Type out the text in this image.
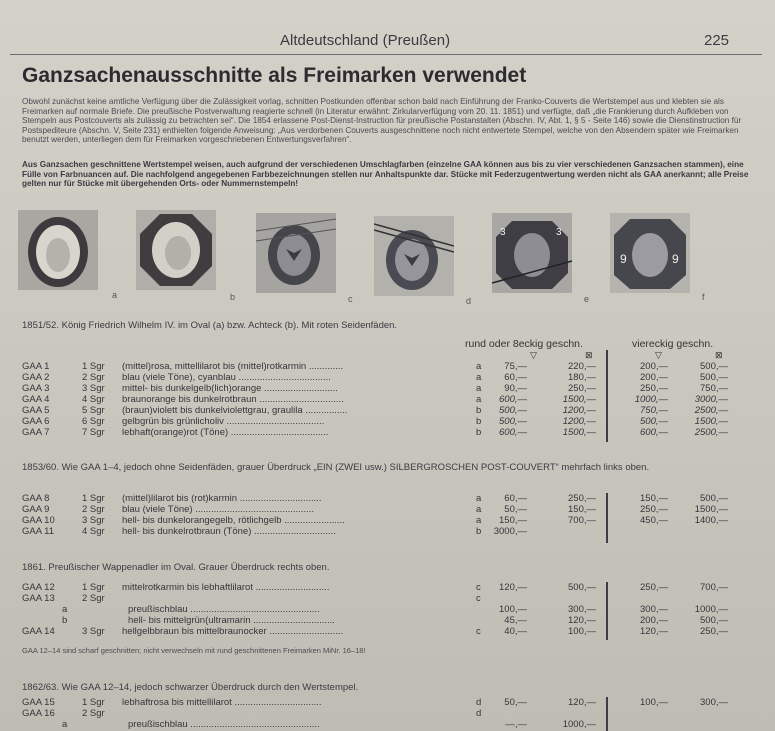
Altdeutschland (Preußen)	225
Ganzsachenausschnitte als Freimarken verwendet
Obwohl zunächst keine amtliche Verfügung über die Zulässigkeit vorlag, schnitten Postkunden offenbar schon bald nach Einführung der Franko-Couverts die Wertstempel aus und klebten sie als Freimarken auf normale Briefe. Die preußische Postverwaltung reagierte schnell (in Literatur erwähnt: Zirkularverfügung vom 20. 11. 1851) und verfügte, daß „die Frankierung durch Aufkleben von Stempeln aus Postcouverts als zulässig zu betrachten sei“. Die 1854 erlassene Post-Dienst-Instruction für preußische Postanstalten (Abschn. IV, Abt. 1, § 5 - Seite 146) sowie die Dienstinstruction für Postspediteure (Abschn. V, Seite 231) enthielten folgende Anweisung: „Aus verdorbenen Couverts ausgeschnittene noch nicht entwertete Stempel, welche von den Absendern später wie Freimarken benutzt werden, unterliegen dem für Freimarken vorgeschriebenen Entwertungsverfahren“.
Aus Ganzsachen geschnittene Wertstempel weisen, auch aufgrund der verschiedenen Umschlagfarben (einzelne GAA können aus bis zu vier verschiedenen Ganzsachen stammen), eine Fülle von Farbnuancen auf. Die nachfolgend angegebenen Farbbezeichnungen stellen nur Anhaltspunkte dar. Stücke mit Federzugentwertung werden nicht als GAA anerkannt; alle Preise gelten nur für Stücke mit übergehenden Orts- oder Nummernstempeln!
3	3
9	9
a	b	c	d	e	f
rund oder 8eckig geschn.	viereckig geschn.
▽	⊠	▽	⊠
1851/52. König Friedrich Wilhelm IV. im Oval (a) bzw. Achteck (b). Mit roten Seidenfäden.
1853/60. Wie GAA 1–4, jedoch ohne Seidenfäden, grauer Überdruck „EIN (ZWEI usw.) SILBERGROSCHEN POST-COUVERT“ mehrfach links oben.
1861. Preußischer Wappenadler im Oval. Grauer Überdruck rechts oben.
GAA 12–14 sind scharf geschnitten; nicht verwechseln mit rund geschnittenen Freimarken MiNr. 16–18!
1862/63. Wie GAA 12–14, jedoch schwarzer Überdruck durch den Wertstempel.
GAA 1	1 Sgr (mittel)rosa, mittellilarot bis (mittel)rotkarmin .............	a 75,—	220,—	200,—	500,—
GAA 2	2 Sgr blau (viele Töne), cyanblau ...................................	a 60,—	180,—	200,—	500,—
GAA 3	3 Sgr mittel- bis dunkelgelb(lich)orange ............................	a 90,—	250,—	250,—	750,—
GAA 4	4 Sgr braunorange bis dunkelrotbraun ................................	a 600,—	1500,—	1000,—	3000,—
GAA 5	5 Sgr (braun)violett bis dunkelviolettgrau, graulila ................	b 500,—	1200,—	750,—	2500,—
GAA 6	6 Sgr gelbgrün bis grünlicholiv .....................................	b 500,—	1200,—	500,—	1500,—
GAA 7	7 Sgr lebhaft(orange)rot (Töne) .....................................	b 600,—	1500,—	600,—	2500,—
GAA 8	1 Sgr (mittel)lilarot bis (rot)karmin ...............................	a 60,—	250,—	150,—	500,—
GAA 9	2 Sgr blau (viele Töne) .............................................	a 50,—	150,—	250,—	1500,—
GAA 10	3 Sgr hell- bis dunkelorangegelb, rötlichgelb .......................	a 150,—	700,—	450,—	1400,—
GAA 11	4 Sgr hell- bis dunkelrotbraun (Töne) ...............................	b 3000,—
GAA 12	1 Sgr mittelrotkarmin bis lebhaftlilarot ............................	c 120,—	500,—	250,—	700,—
GAA 13	2 Sgr	c
a	preußischblau .................................................	100,—	300,—	300,—	1000,—
b	hell- bis mittelgrün(ultramarin ...............................	45,—	120,—	200,—	500,—
GAA 14	3 Sgr hellgelbbraun bis mittelbraunocker ............................	c 40,—	100,—	120,—	250,—
GAA 15	1 Sgr lebhaftrosa bis mittellilarot .................................	d 50,—	120,—	100,—	300,—
GAA 16	2 Sgr	d
a	preußischblau .................................................	—,—	1000,—
